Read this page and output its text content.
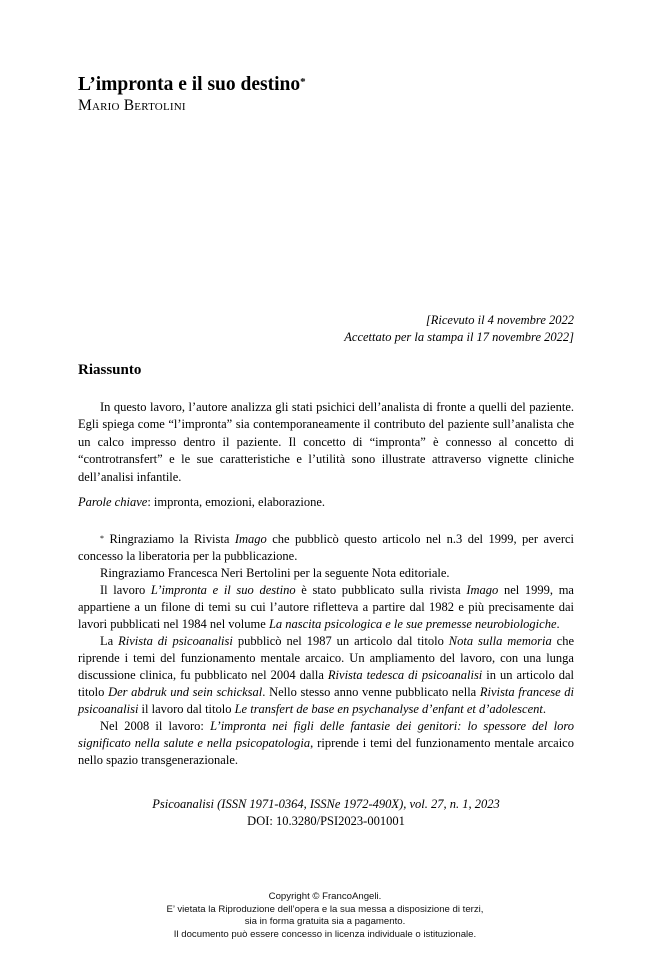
L’impronta e il suo destino*
Mario Bertolini
[Ricevuto il 4 novembre 2022
Accettato per la stampa il 17 novembre 2022]
Riassunto

In questo lavoro, l’autore analizza gli stati psichici dell’analista di fronte a quelli del paziente. Egli spiega come “l’impronta” sia contemporaneamente il contributo del paziente sull’analista che un calco impresso dentro il paziente. Il concetto di “impronta” è connesso al concetto di “controtransfert” e le sue caratteristiche e l’utilità sono illustrate attraverso vignette cliniche dell’analisi infantile.

Parole chiave: impronta, emozioni, elaborazione.

* Ringraziamo la Rivista Imago che pubblicò questo articolo nel n.3 del 1999, per averci concesso la liberatoria per la pubblicazione.

Ringraziamo Francesca Neri Bertolini per la seguente Nota editoriale.

Il lavoro L’impronta e il suo destino è stato pubblicato sulla rivista Imago nel 1999, ma appartiene a un filone di temi su cui l’autore rifletteva a partire dal 1982 e più precisamente dai lavori pubblicati nel 1984 nel volume La nascita psicologica e le sue premesse neurobiologiche.

La Rivista di psicoanalisi pubblicò nel 1987 un articolo dal titolo Nota sulla memoria che riprende i temi del funzionamento mentale arcaico. Un ampliamento del lavoro, con una lunga discussione clinica, fu pubblicato nel 2004 dalla Rivista tedesca di psicoanalisi in un articolo dal titolo Der abdruk und sein schicksal. Nello stesso anno venne pubblicato nella Rivista francese di psicoanalisi il lavoro dal titolo Le transfert de base en psychanalyse d’enfant et d’adolescent.

Nel 2008 il lavoro: L’impronta nei figli delle fantasie dei genitori: lo spessore del loro significato nella salute e nella psicopatologia, riprende i temi del funzionamento mentale arcaico nello spazio transgenerazionale.

Psicoanalisi (ISSN 1971-0364, ISSNe 1972-490X), vol. 27, n. 1, 2023
DOI: 10.3280/PSI2023-001001
Copyright © FrancoAngeli.
E’ vietata la Riproduzione dell’opera e la sua messa a disposizione di terzi,
sia in forma gratuita sia a pagamento.
Il documento può essere concesso in licenza individuale o istituzionale.
